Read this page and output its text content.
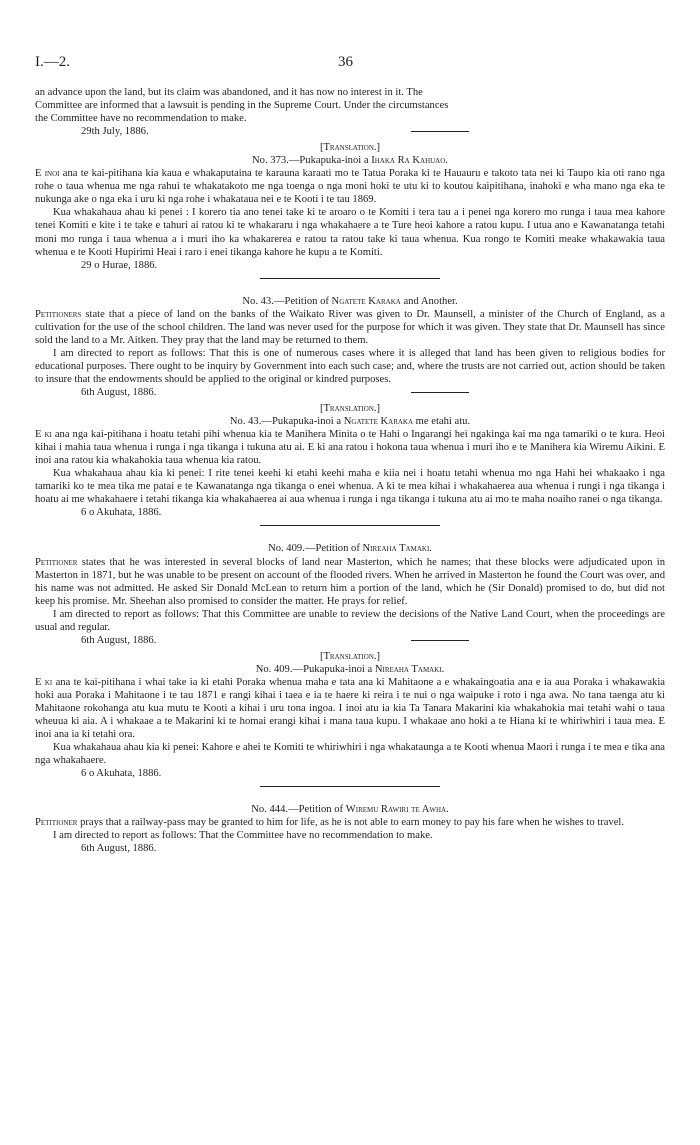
I.—2.	36

an advance upon the land, but its claim was abandoned, and it has now no interest in it. The

Committee are informed that a lawsuit is pending in the Supreme Court. Under the circumstances

the Committee have no recommendation to make.

29th July, 1886.

[Translation.]

No. 373.—Pukapuka-inoi a Ihaka Ra Kahuao.

E inoi ana te kai-pitihana kia kaua e whakaputaina te karauna karaati mo te Tatua Poraka ki te Hauauru e takoto tata nei ki Taupo kia oti rano nga rohe o taua whenua me nga rahui te whakatakoto me nga toenga o nga moni hoki te utu ki to koutou kaipitihana, inahoki e wha mano nga eka te nukunga ake o nga eka i uru ki nga rohe i whakataua nei e te Kooti i te tau 1869.

Kua whakahaua ahau ki penei : I korero tia ano tenei take ki te aroaro o te Komiti i tera tau a i penei nga korero mo runga i taua mea kahore tenei Komiti e kite i te take e tahuri ai ratou ki te whakararu i nga whakahaere a te Ture heoi kahore a ratou kupu. I utua ano e Kawanatanga tetahi moni mo runga i taua whenua a i muri iho ka whakarerea e ratou ta ratou take ki taua whenua. Kua rongo te Komiti meake whakawakia taua whenua e te Kooti Hupirimi Heai i raro i enei tikanga kahore he kupu a te Komiti.

29 o Hurae, 1886.

No. 43.—Petition of Ngatete Karaka and Another.

Petitioners state that a piece of land on the banks of the Waikato River was given to Dr. Maunsell, a minister of the Church of England, as a cultivation for the use of the school children. The land was never used for the purpose for which it was given. They state that Dr. Maunsell has since sold the land to a Mr. Aitken. They pray that the land may be returned to them.

I am directed to report as follows: That this is one of numerous cases where it is alleged that land has been given to religious bodies for educational purposes. There ought to be inquiry by Government into each such case; and, where the trusts are not carried out, action should be taken to insure that the endowments should be applied to the original or kindred purposes.

6th August, 1886.

[Translation.]

No. 43.—Pukapuka-inoi a Ngatete Karaka me etahi atu.

E ki ana nga kai-pitihana i hoatu tetahi pihi whenua kia te Manihera Minita o te Hahi o Ingarangi hei ngakinga kai ma nga tamariki o te kura. Heoi kihai i mahia taua whenua i runga i nga tikanga i tukuna atu ai. E ki ana ratou i hokona taua whenua i muri iho e te Manihera kia Wiremu Aikini. E inoi ana ratou kia whakahokia taua whenua kia ratou.

Kua whakahaua ahau kia ki penei: I rite tenei keehi ki etahi keehi maha e kiia nei i hoatu tetahi whenua mo nga Hahi hei whakaako i nga tamariki ko te mea tika me patai e te Kawanatanga nga tikanga o enei whenua. A ki te mea kihai i whakahaerea aua whenua i rungi i nga tikanga i hoatu ai me whakahaere i tetahi tikanga kia whakahaerea ai aua whenua i runga i nga tikanga i tukuna atu ai mo te maha noaiho ranei o nga tikanga.

6 o Akuhata, 1886.

No. 409.—Petition of Nireaha Tamaki.

Petitioner states that he was interested in several blocks of land near Masterton, which he names; that these blocks were adjudicated upon in Masterton in 1871, but he was unable to be present on account of the flooded rivers. When he arrived in Masterton he found the Court was over, and his name was not admitted. He asked Sir Donald McLean to return him a portion of the land, which he (Sir Donald) promised to do, but did not keep his promise. Mr. Sheehan also promised to consider the matter. He prays for relief.

I am directed to report as follows: That this Committee are unable to review the decisions of the Native Land Court, when the proceedings are usual and regular.

6th August, 1886.

[Translation.]

No. 409.—Pukapuka-inoi a Nireaha Tamaki.

E ki ana te kai-pitihana i whai take ia ki etahi Poraka whenua maha e tata ana ki Mahitaone a e whakaingoatia ana e ia aua Poraka i whakawakia hoki aua Poraka i Mahitaone i te tau 1871 e rangi kihai i taea e ia te haere ki reira i te nui o nga waipuke i roto i nga awa. No tana taenga atu ki Mahitaone rokohanga atu kua mutu te Kooti a kihai i uru tona ingoa. I inoi atu ia kia Ta Tanara Makarini kia whakahokia mai tetahi wahi o taua wheuua ki aia. A i whakaae a te Makarini ki te homai erangi kihai i mana taua kupu. I whakaae ano hoki a te Hiana ki te whiriwhiri i taua mea. E inoi ana ia ki tetahi ora.

Kua whakahaua ahau kia ki penei: Kahore e ahei te Komiti te whiriwhiri i nga whakataunga a te Kooti whenua Maori i runga i te mea e tika ana nga whakahaere.

6 o Akuhata, 1886.

No. 444.—Petition of Wiremu Rawiri te Awha.

Petitioner prays that a railway-pass may be granted to him for life, as he is not able to earn money to pay his fare when he wishes to travel.

I am directed to report as follows: That the Committee have no recommendation to make.

6th August, 1886.
